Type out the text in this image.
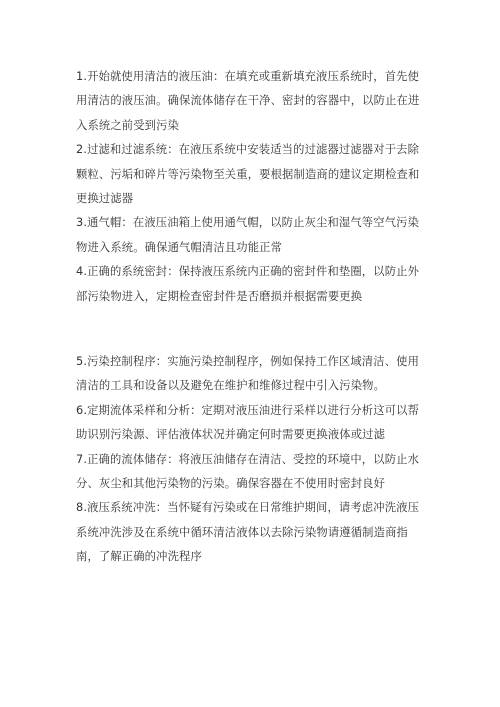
1.开始就使用清洁的液压油：在填充或重新填充液压系统时，首先使用清洁的液压油。确保流体储存在干净、密封的容器中，以防止在进入系统之前受到污染

2.过滤和过滤系统：在液压系统中安装适当的过滤器过滤器对于去除颗粒、污垢和碎片等污染物至关重，要根据制造商的建议定期检查和更换过滤器

3.通气帽：在液压油箱上使用通气帽，以防止灰尘和湿气等空气污染物进入系统。确保通气帽清洁且功能正常

4.正确的系统密封：保持液压系统内正确的密封件和垫圈，以防止外部污染物进入，定期检查密封件是否磨损并根据需要更换

5.污染控制程序：实施污染控制程序，例如保持工作区域清洁、使用清洁的工具和设备以及避免在维护和维修过程中引入污染物。

6.定期流体采样和分析：定期对液压油进行采样以进行分析这可以帮助识别污染源、评估液体状况并确定何时需要更换液体或过滤

7.正确的流体储存：将液压油储存在清洁、受控的环境中，以防止水分、灰尘和其他污染物的污染。确保容器在不使用时密封良好

8.液压系统冲洗：当怀疑有污染或在日常维护期间，请考虑冲洗液压系统冲洗涉及在系统中循环清洁液体以去除污染物请遵循制造商指南，了解正确的冲洗程序
